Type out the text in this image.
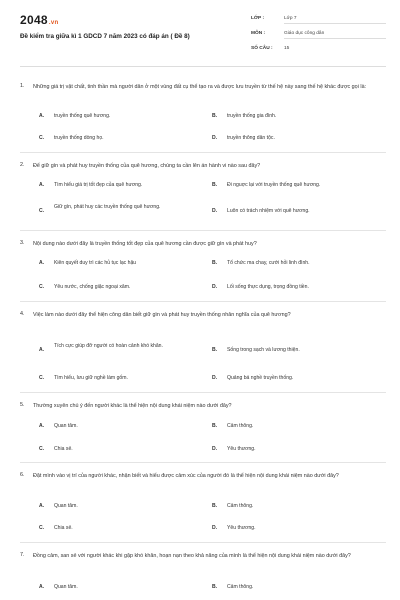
2048.vn
Đề kiểm tra giữa kì 1 GDCD 7 năm 2023 có đáp án ( Đề 8)
LỚP :	Lớp 7
MÔN :	Giáo dục công dân
SỐ CÂU : 15
1. Những giá trị vật chất, tinh thần mà người dân ở một vùng đất cụ thể tạo ra và được lưu truyền từ thế hệ này sang thế hệ khác được gọi là:
A. truyền thống quê hương.	B. truyền thống gia đình.
C. truyền thống dòng họ.	D. truyền thông dân tộc.
2. Để giữ gìn và phát huy truyền thống của quê hương, chúng ta cần lên án hành vi nào sau đây?
A. Tìm hiểu giá trị tốt đẹp của quê hương.	B. Đi nguợc lại với truyền thống quê hương.
C.
Giữ gìn, phát huy các truyền thống quê hương.
D. Luôn có trách nhiệm với quê hương.
3. Nội dung nào dưới đây là truyền thống tốt đẹp của quê hương cần được giữ gìn và phát huy?
A. Kiên quyết duy trì các hủ tục lạc hậu	B. Tổ chức ma chay, cưới hỏi linh đình.
C. Yêu nước, chống giặc ngoại xâm.	D. Lối sống thực dụng, trọng đồng tiền.
4. Việc làm nào dưới đây thể hiện công dân biết giữ gìn và phát huy truyền thống nhân nghĩa của quê hương?
A.
Tích cực giúp đỡ người có hoàn cảnh khó khăn.
B. Sống trong sạch và lương thiện.
C. Tìm hiểu, lưu giữ nghề làm gốm.	D. Quảng bá nghề truyền thống.
5. Thường xuyên chú ý đến người khác là thể hiện nội dung khái niệm nào dưới đây?
A. Quan tâm.	B. Cảm thông.
C. Chia sẻ.	D. Yêu thương.
6. Đặt mình vào vị trí của người khác, nhận biết và hiểu được cảm xúc của người đó là thể hiện nội dung khái niệm nào dưới đây?
A. Quan tâm.	B. Cảm thông.
C. Chia sẻ.	D. Yêu thương.
7. Đồng cảm, san sẻ với người khác khi gặp khó khăn, hoạn nạn theo khả năng của mình là thể hiện nội dung khái niệm nào dưới đây?
A. Quan tâm.	B. Cảm thông.
